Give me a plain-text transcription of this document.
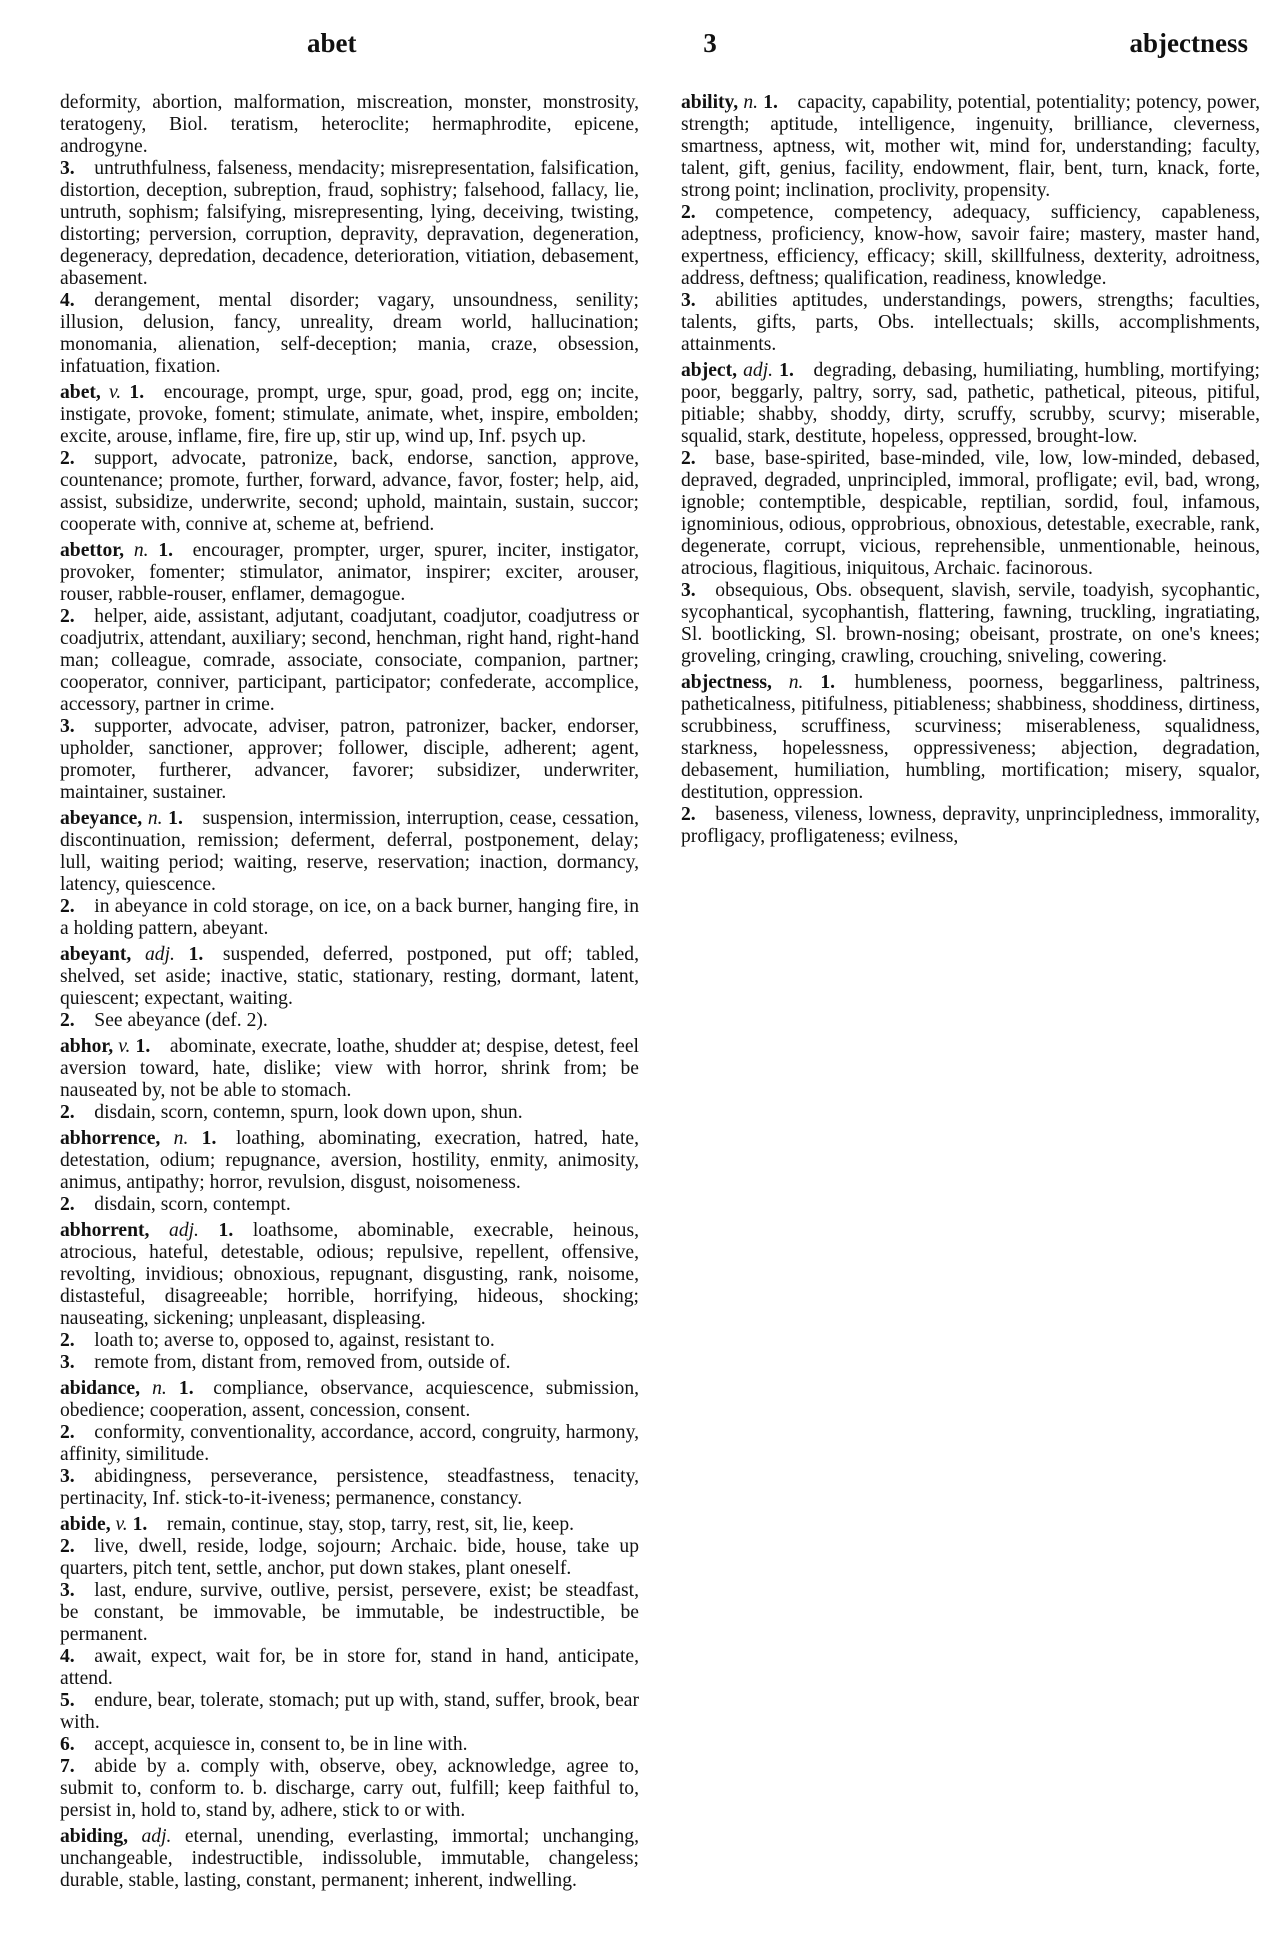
abet	3	abjectness

deformity, abortion, malformation, miscreation, monster, monstrosity, teratogeny, Biol. teratism, heteroclite; hermaphrodite, epicene, androgyne.
3.  untruthfulness, falseness, mendacity; misrepresentation, falsification, distortion, deception, subreption, fraud, sophistry; falsehood, fallacy, lie, untruth, sophism; falsifying, misrepresenting, lying, deceiving, twisting, distorting; perversion, corruption, depravity, depravation, degeneration, degeneracy, depredation, decadence, deterioration, vitiation, debasement, abasement.
4.  derangement, mental disorder; vagary, unsoundness, senility; illusion, delusion, fancy, unreality, dream world, hallucination; monomania, alienation, self-deception; mania, craze, obsession, infatuation, fixation.

abet, v. 1.  encourage, prompt, urge, spur, goad, prod, egg on; incite, instigate, provoke, foment; stimulate, animate, whet, inspire, embolden; excite, arouse, inflame, fire, fire up, stir up, wind up, Inf. psych up.
2.  support, advocate, patronize, back, endorse, sanction, approve, countenance; promote, further, forward, advance, favor, foster; help, aid, assist, subsidize, underwrite, second; uphold, maintain, sustain, succor; cooperate with, connive at, scheme at, befriend.

abettor, n. 1.  encourager, prompter, urger, spurer, inciter, instigator, provoker, fomenter; stimulator, animator, inspirer; exciter, arouser, rouser, rabble-rouser, enflamer, demagogue.
2.  helper, aide, assistant, adjutant, coadjutant, coadjutor, coadjutress or coadjutrix, attendant, auxiliary; second, henchman, right hand, right-hand man; colleague, comrade, associate, consociate, companion, partner; cooperator, conniver, participant, participator; confederate, accomplice, accessory, partner in crime.
3.  supporter, advocate, adviser, patron, patronizer, backer, endorser, upholder, sanctioner, approver; follower, disciple, adherent; agent, promoter, furtherer, advancer, favorer; subsidizer, underwriter, maintainer, sustainer.

abeyance, n. 1.  suspension, intermission, interruption, cease, cessation, discontinuation, remission; deferment, deferral, postponement, delay; lull, waiting period; waiting, reserve, reservation; inaction, dormancy, latency, quiescence.
2.  in abeyance in cold storage, on ice, on a back burner, hanging fire, in a holding pattern, abeyant.

abeyant, adj. 1.  suspended, deferred, postponed, put off; tabled, shelved, set aside; inactive, static, stationary, resting, dormant, latent, quiescent; expectant, waiting.
2.  See abeyance (def. 2).

abhor, v. 1.  abominate, execrate, loathe, shudder at; despise, detest, feel aversion toward, hate, dislike; view with horror, shrink from; be nauseated by, not be able to stomach.
2.  disdain, scorn, contemn, spurn, look down upon, shun.

abhorrence, n. 1.  loathing, abominating, execration, hatred, hate, detestation, odium; repugnance, aversion, hostility, enmity, animosity, animus, antipathy; horror, revulsion, disgust, noisomeness.
2.  disdain, scorn, contempt.

abhorrent, adj. 1.  loathsome, abominable, execrable, heinous, atrocious, hateful, detestable, odious; repulsive, repellent, offensive, revolting, invidious; obnoxious, repugnant, disgusting, rank, noisome, distasteful, disagreeable; horrible, horrifying, hideous, shocking; nauseating, sickening; unpleasant, displeasing.
2.  loath to; averse to, opposed to, against, resistant to.
3.  remote from, distant from, removed from, outside of.

abidance, n. 1.  compliance, observance, acquiescence, submission, obedience; cooperation, assent, concession, consent.
2.  conformity, conventionality, accordance, accord, congruity, harmony, affinity, similitude.
3.  abidingness, perseverance, persistence, steadfastness, tenacity, pertinacity, Inf. stick-to-it-iveness; permanence, constancy.

abide, v. 1.  remain, continue, stay, stop, tarry, rest, sit, lie, keep.
2.  live, dwell, reside, lodge, sojourn; Archaic. bide, house, take up quarters, pitch tent, settle, anchor, put down stakes, plant oneself.
3.  last, endure, survive, outlive, persist, persevere, exist; be steadfast, be constant, be immovable, be immutable, be indestructible, be permanent.
4.  await, expect, wait for, be in store for, stand in hand, anticipate, attend.
5.  endure, bear, tolerate, stomach; put up with, stand, suffer, brook, bear with.
6.  accept, acquiesce in, consent to, be in line with.
7.  abide by a. comply with, observe, obey, acknowledge, agree to, submit to, conform to. b. discharge, carry out, fulfill; keep faithful to, persist in, hold to, stand by, adhere, stick to or with.

abiding, adj. eternal, unending, everlasting, immortal; unchanging, unchangeable, indestructible, indissoluble, immutable, changeless; durable, stable, lasting, constant, permanent; inherent, indwelling.

ability, n. 1.  capacity, capability, potential, potentiality; potency, power, strength; aptitude, intelligence, ingenuity, brilliance, cleverness, smartness, aptness, wit, mother wit, mind for, understanding; faculty, talent, gift, genius, facility, endowment, flair, bent, turn, knack, forte, strong point; inclination, proclivity, propensity.
2.  competence, competency, adequacy, sufficiency, capableness, adeptness, proficiency, know-how, savoir faire; mastery, master hand, expertness, efficiency, efficacy; skill, skillfulness, dexterity, adroitness, address, deftness; qualification, readiness, knowledge.
3.  abilities aptitudes, understandings, powers, strengths; faculties, talents, gifts, parts, Obs. intellectuals; skills, accomplishments, attainments.

abject, adj. 1.  degrading, debasing, humiliating, humbling, mortifying; poor, beggarly, paltry, sorry, sad, pathetic, pathetical, piteous, pitiful, pitiable; shabby, shoddy, dirty, scruffy, scrubby, scurvy; miserable, squalid, stark, destitute, hopeless, oppressed, brought-low.
2.  base, base-spirited, base-minded, vile, low, low-minded, debased, depraved, degraded, unprincipled, immoral, profligate; evil, bad, wrong, ignoble; contemptible, despicable, reptilian, sordid, foul, infamous, ignominious, odious, opprobrious, obnoxious, detestable, execrable, rank, degenerate, corrupt, vicious, reprehensible, unmentionable, heinous, atrocious, flagitious, iniquitous, Archaic. facinorous.
3.  obsequious, Obs. obsequent, slavish, servile, toadyish, sycophantic, sycophantical, sycophantish, flattering, fawning, truckling, ingratiating, Sl. bootlicking, Sl. brown-nosing; obeisant, prostrate, on one's knees; groveling, cringing, crawling, crouching, sniveling, cowering.

abjectness, n. 1.  humbleness, poorness, beggarliness, paltriness, patheticalness, pitifulness, pitiableness; shabbiness, shoddiness, dirtiness, scrubbiness, scruffiness, scurviness; miserableness, squalidness, starkness, hopelessness, oppressiveness; abjection, degradation, debasement, humiliation, humbling, mortification; misery, squalor, destitution, oppression.
2.  baseness, vileness, lowness, depravity, unprincipledness, immorality, profligacy, profligateness; evilness,
